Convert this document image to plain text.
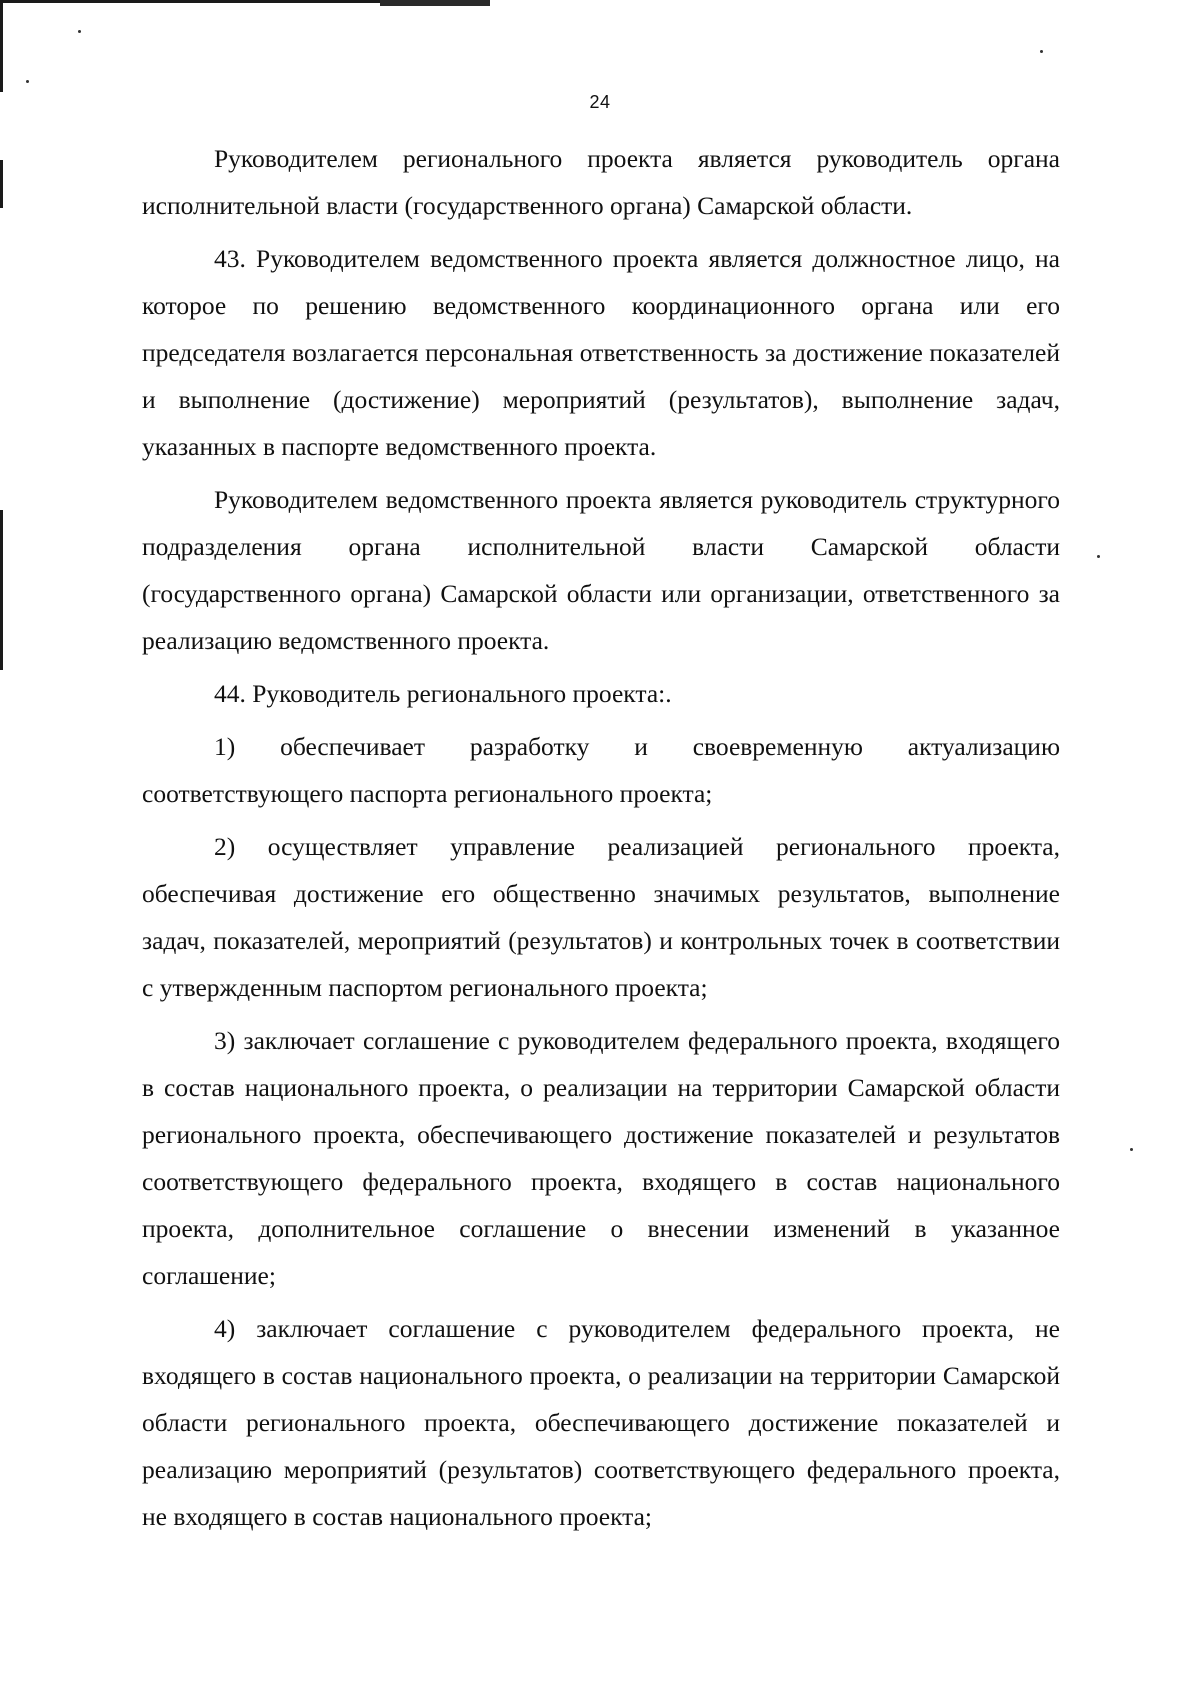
24

Руководителем регионального проекта является руководитель органа исполнительной власти (государственного органа) Самарской области.

43. Руководителем ведомственного проекта является должностное лицо, на которое по решению ведомственного координационного органа или его председателя возлагается персональная ответственность за достижение показателей и выполнение (достижение) мероприятий (результатов), выполнение задач, указанных в паспорте ведомственного проекта.

Руководителем ведомственного проекта является руководитель структурного подразделения органа исполнительной власти Самарской области (государственного органа) Самарской области или организации, ответственного за реализацию ведомственного проекта.

44. Руководитель регионального проекта:.

1) обеспечивает разработку и своевременную актуализацию соответствующего паспорта регионального проекта;

2) осуществляет управление реализацией регионального проекта, обеспечивая достижение его общественно значимых результатов, выполнение задач, показателей, мероприятий (результатов) и контрольных точек в соответствии с утвержденным паспортом регионального проекта;

3) заключает соглашение с руководителем федерального проекта, входящего в состав национального проекта, о реализации на территории Самарской области регионального проекта, обеспечивающего достижение показателей и результатов соответствующего федерального проекта, входящего в состав национального проекта, дополнительное соглашение о внесении изменений в указанное соглашение;

4) заключает соглашение с руководителем федерального проекта, не входящего в состав национального проекта, о реализации на территории Самарской области регионального проекта, обеспечивающего достижение показателей и реализацию мероприятий (результатов) соответствующего федерального проекта, не входящего в состав национального проекта;
